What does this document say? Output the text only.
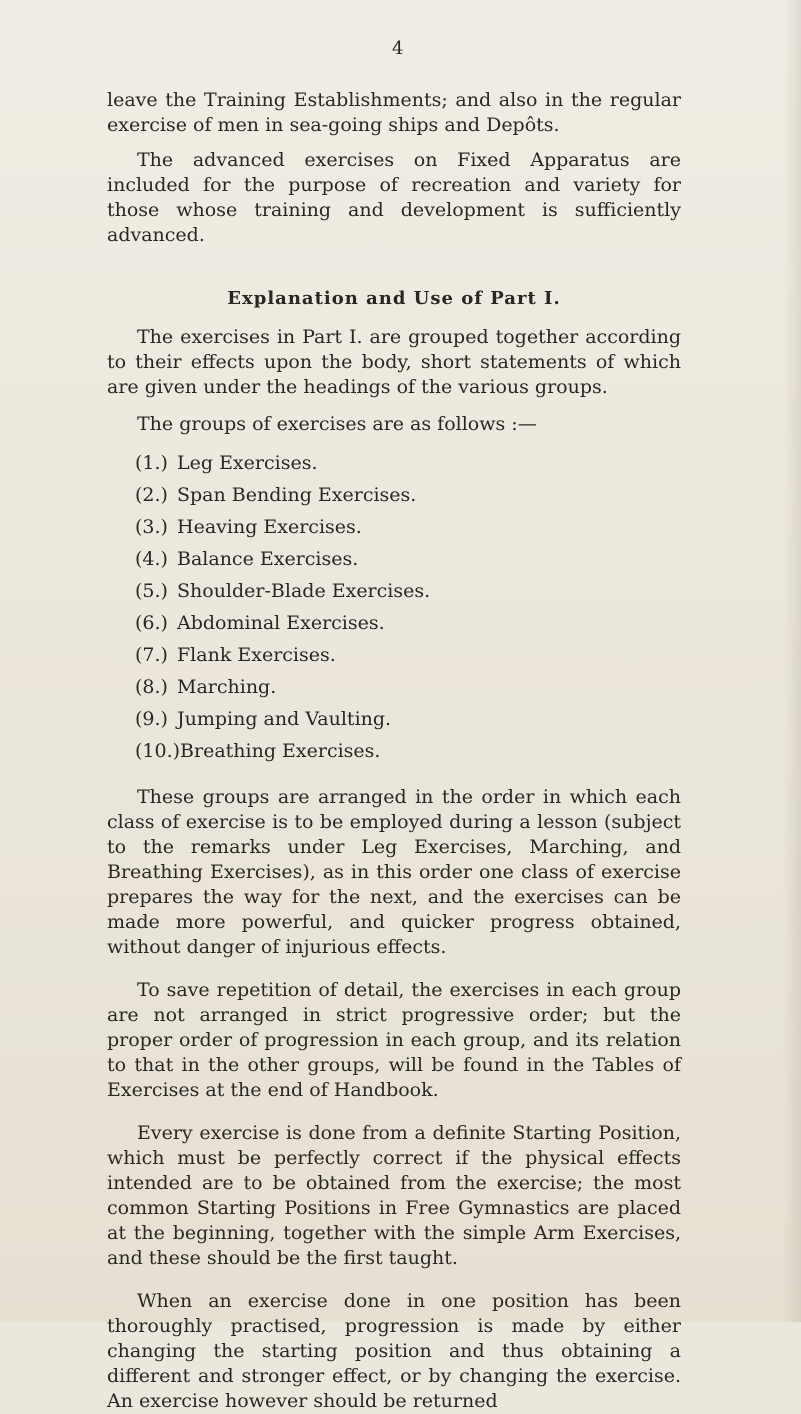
4

leave the Training Establishments; and also in the regular exercise of men in sea-going ships and Depôts.

The advanced exercises on Fixed Apparatus are included for the purpose of recreation and variety for those whose training and development is sufficiently advanced.

Explanation and Use of Part I.

The exercises in Part I. are grouped together according to their effects upon the body, short statements of which are given under the headings of the various groups.

The groups of exercises are as follows :—

(1.) Leg Exercises.
(2.) Span Bending Exercises.
(3.) Heaving Exercises.
(4.) Balance Exercises.
(5.) Shoulder-Blade Exercises.
(6.) Abdominal Exercises.
(7.) Flank Exercises.
(8.) Marching.
(9.) Jumping and Vaulting.
(10.)Breathing Exercises.

These groups are arranged in the order in which each class of exercise is to be employed during a lesson (subject to the remarks under Leg Exercises, Marching, and Breathing Exercises), as in this order one class of exercise prepares the way for the next, and the exercises can be made more powerful, and quicker progress obtained, without danger of injurious effects.

To save repetition of detail, the exercises in each group are not arranged in strict progressive order; but the proper order of progression in each group, and its relation to that in the other groups, will be found in the Tables of Exercises at the end of Handbook.

Every exercise is done from a definite Starting Position, which must be perfectly correct if the physical effects intended are to be obtained from the exercise; the most common Starting Positions in Free Gymnastics are placed at the beginning, together with the simple Arm Exercises, and these should be the first taught.

When an exercise done in one position has been thoroughly practised, progression is made by either changing the starting position and thus obtaining a different and stronger effect, or by changing the exercise. An exercise however should be returned
